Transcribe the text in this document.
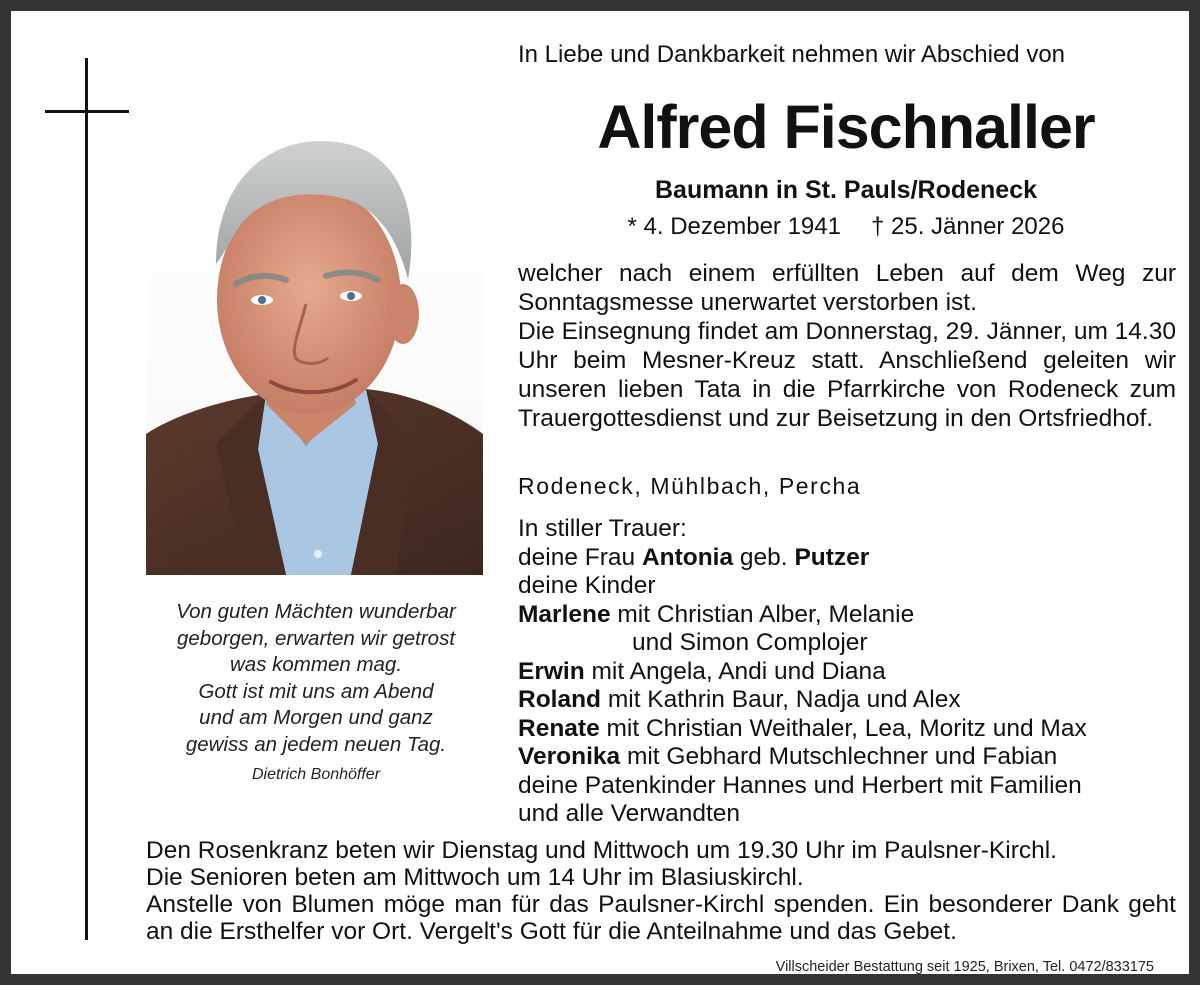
Von guten Mächten wunderbar
geborgen, erwarten wir getrost
was kommen mag.
Gott ist mit uns am Abend
und am Morgen und ganz
gewiss an jedem neuen Tag.
Dietrich Bonhöffer
In Liebe und Dankbarkeit nehmen wir Abschied von
Alfred Fischnaller
Baumann in St. Pauls/Rodeneck
* 4. Dezember 1941 † 25. Jänner 2026
welcher nach einem erfüllten Leben auf dem Weg zur Sonntagsmesse unerwartet verstorben ist.
Die Einsegnung findet am Donnerstag, 29. Jänner, um 14.30 Uhr beim Mesner-Kreuz statt. Anschließend geleiten wir unseren lieben Tata in die Pfarrkirche von Rodeneck zum Trauergottesdienst und zur Beisetzung in den Ortsfriedhof.
Rodeneck, Mühlbach, Percha
In stiller Trauer:
deine Frau Antonia geb. Putzer
deine Kinder
Marlene mit Christian Alber, Melanie
und Simon Complojer
Erwin mit Angela, Andi und Diana
Roland mit Kathrin Baur, Nadja und Alex
Renate mit Christian Weithaler, Lea, Moritz und Max
Veronika mit Gebhard Mutschlechner und Fabian
deine Patenkinder Hannes und Herbert mit Familien
und alle Verwandten
Den Rosenkranz beten wir Dienstag und Mittwoch um 19.30 Uhr im Paulsner-Kirchl.
Die Senioren beten am Mittwoch um 14 Uhr im Blasiuskirchl.
Anstelle von Blumen möge man für das Paulsner-Kirchl spenden. Ein besonderer Dank geht an die Ersthelfer vor Ort. Vergelt's Gott für die Anteilnahme und das Gebet.
Villscheider Bestattung seit 1925, Brixen, Tel. 0472/833175
